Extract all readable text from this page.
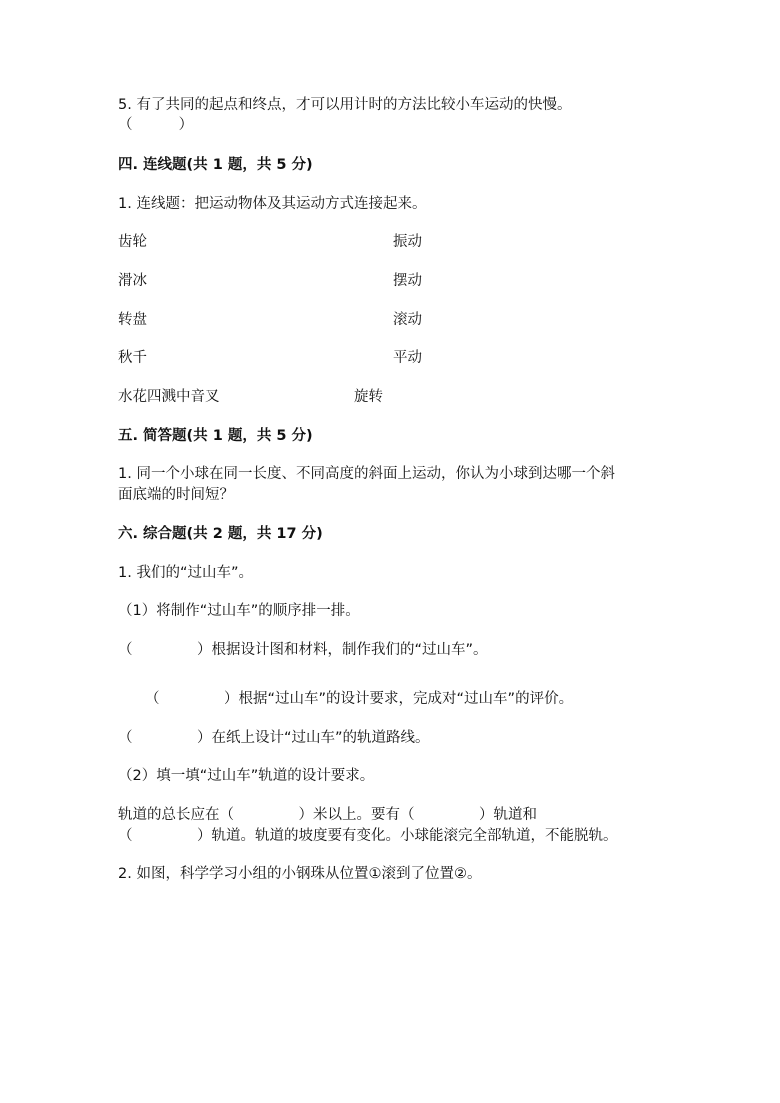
5. 有了共同的起点和终点，才可以用计时的方法比较小车运动的快慢。
（          ）
四. 连线题(共 1 题，共 5 分)
1. 连线题：把运动物体及其运动方式连接起来。
齿轮	振动
滑冰	摆动
转盘	滚动
秋千	平动
水花四溅中音叉	旋转
五. 简答题(共 1 题，共 5 分)
1. 同一个小球在同一长度、不同高度的斜面上运动，你认为小球到达哪一个斜
面底端的时间短？
六. 综合题(共 2 题，共 17 分)
1. 我们的“过山车”。
（1）将制作“过山车”的顺序排一排。
（              ）根据设计图和材料，制作我们的“过山车”。
（              ）根据“过山车”的设计要求，完成对“过山车”的评价。
（              ）在纸上设计“过山车”的轨道路线。
（2）填一填“过山车”轨道的设计要求。
轨道的总长应在（              ）米以上。要有（              ）轨道和
（              ）轨道。轨道的坡度要有变化。小球能滚完全部轨道，不能脱轨。
2. 如图，科学学习小组的小钢珠从位置①滚到了位置②。
